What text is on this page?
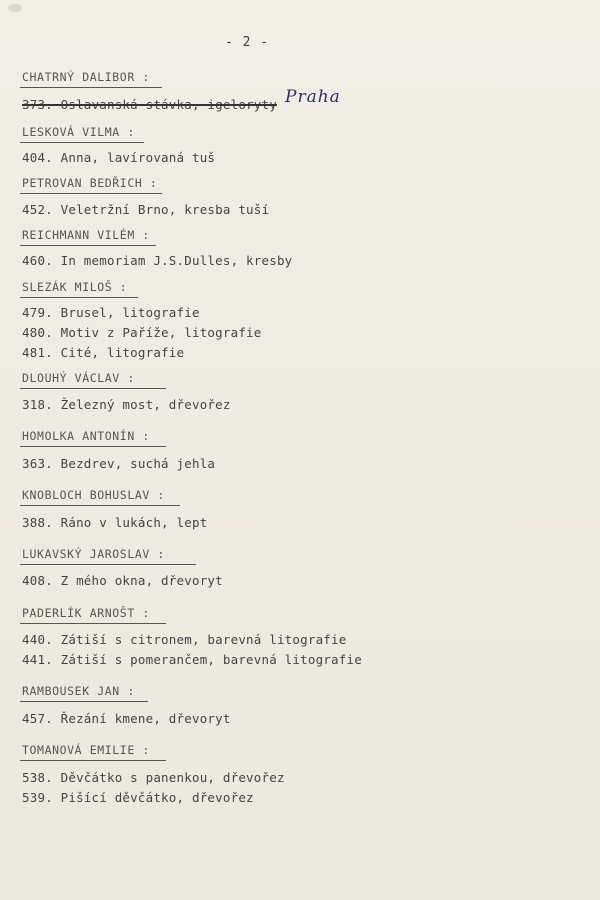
- 2 -
Praha
CHATRNÝ DALIBOR :
373. Oslavanská stávka, igeloryty
LESKOVÁ VILMA :
404. Anna, lavírovaná tuš
PETROVAN BEDŘICH :
452. Veletržní Brno, kresba tuší
REICHMANN VILÉM :
460. In memoriam J.S.Dulles, kresby
SLEZÁK MILOŠ :
479. Brusel, litografie
480. Motiv z Paříže, litografie
481. Cité, litografie
DLOUHÝ VÁCLAV :
318. Železný most, dřevořez
HOMOLKA ANTONÍN :
363. Bezdrev, suchá jehla
KNOBLOCH BOHUSLAV :
388. Ráno v lukách, lept
LUKAVSKÝ JAROSLAV :
408. Z mého okna, dřevoryt
PADERLÍK ARNOŠT :
440. Zátiší s citronem, barevná litografie
441. Zátiší s pomerančem, barevná litografie
RAMBOUSEK JAN :
457. Řezání kmene, dřevoryt
TOMANOVÁ EMILIE :
538. Děvčátko s panenkou, dřevořez
539. Pišící děvčátko, dřevořez
